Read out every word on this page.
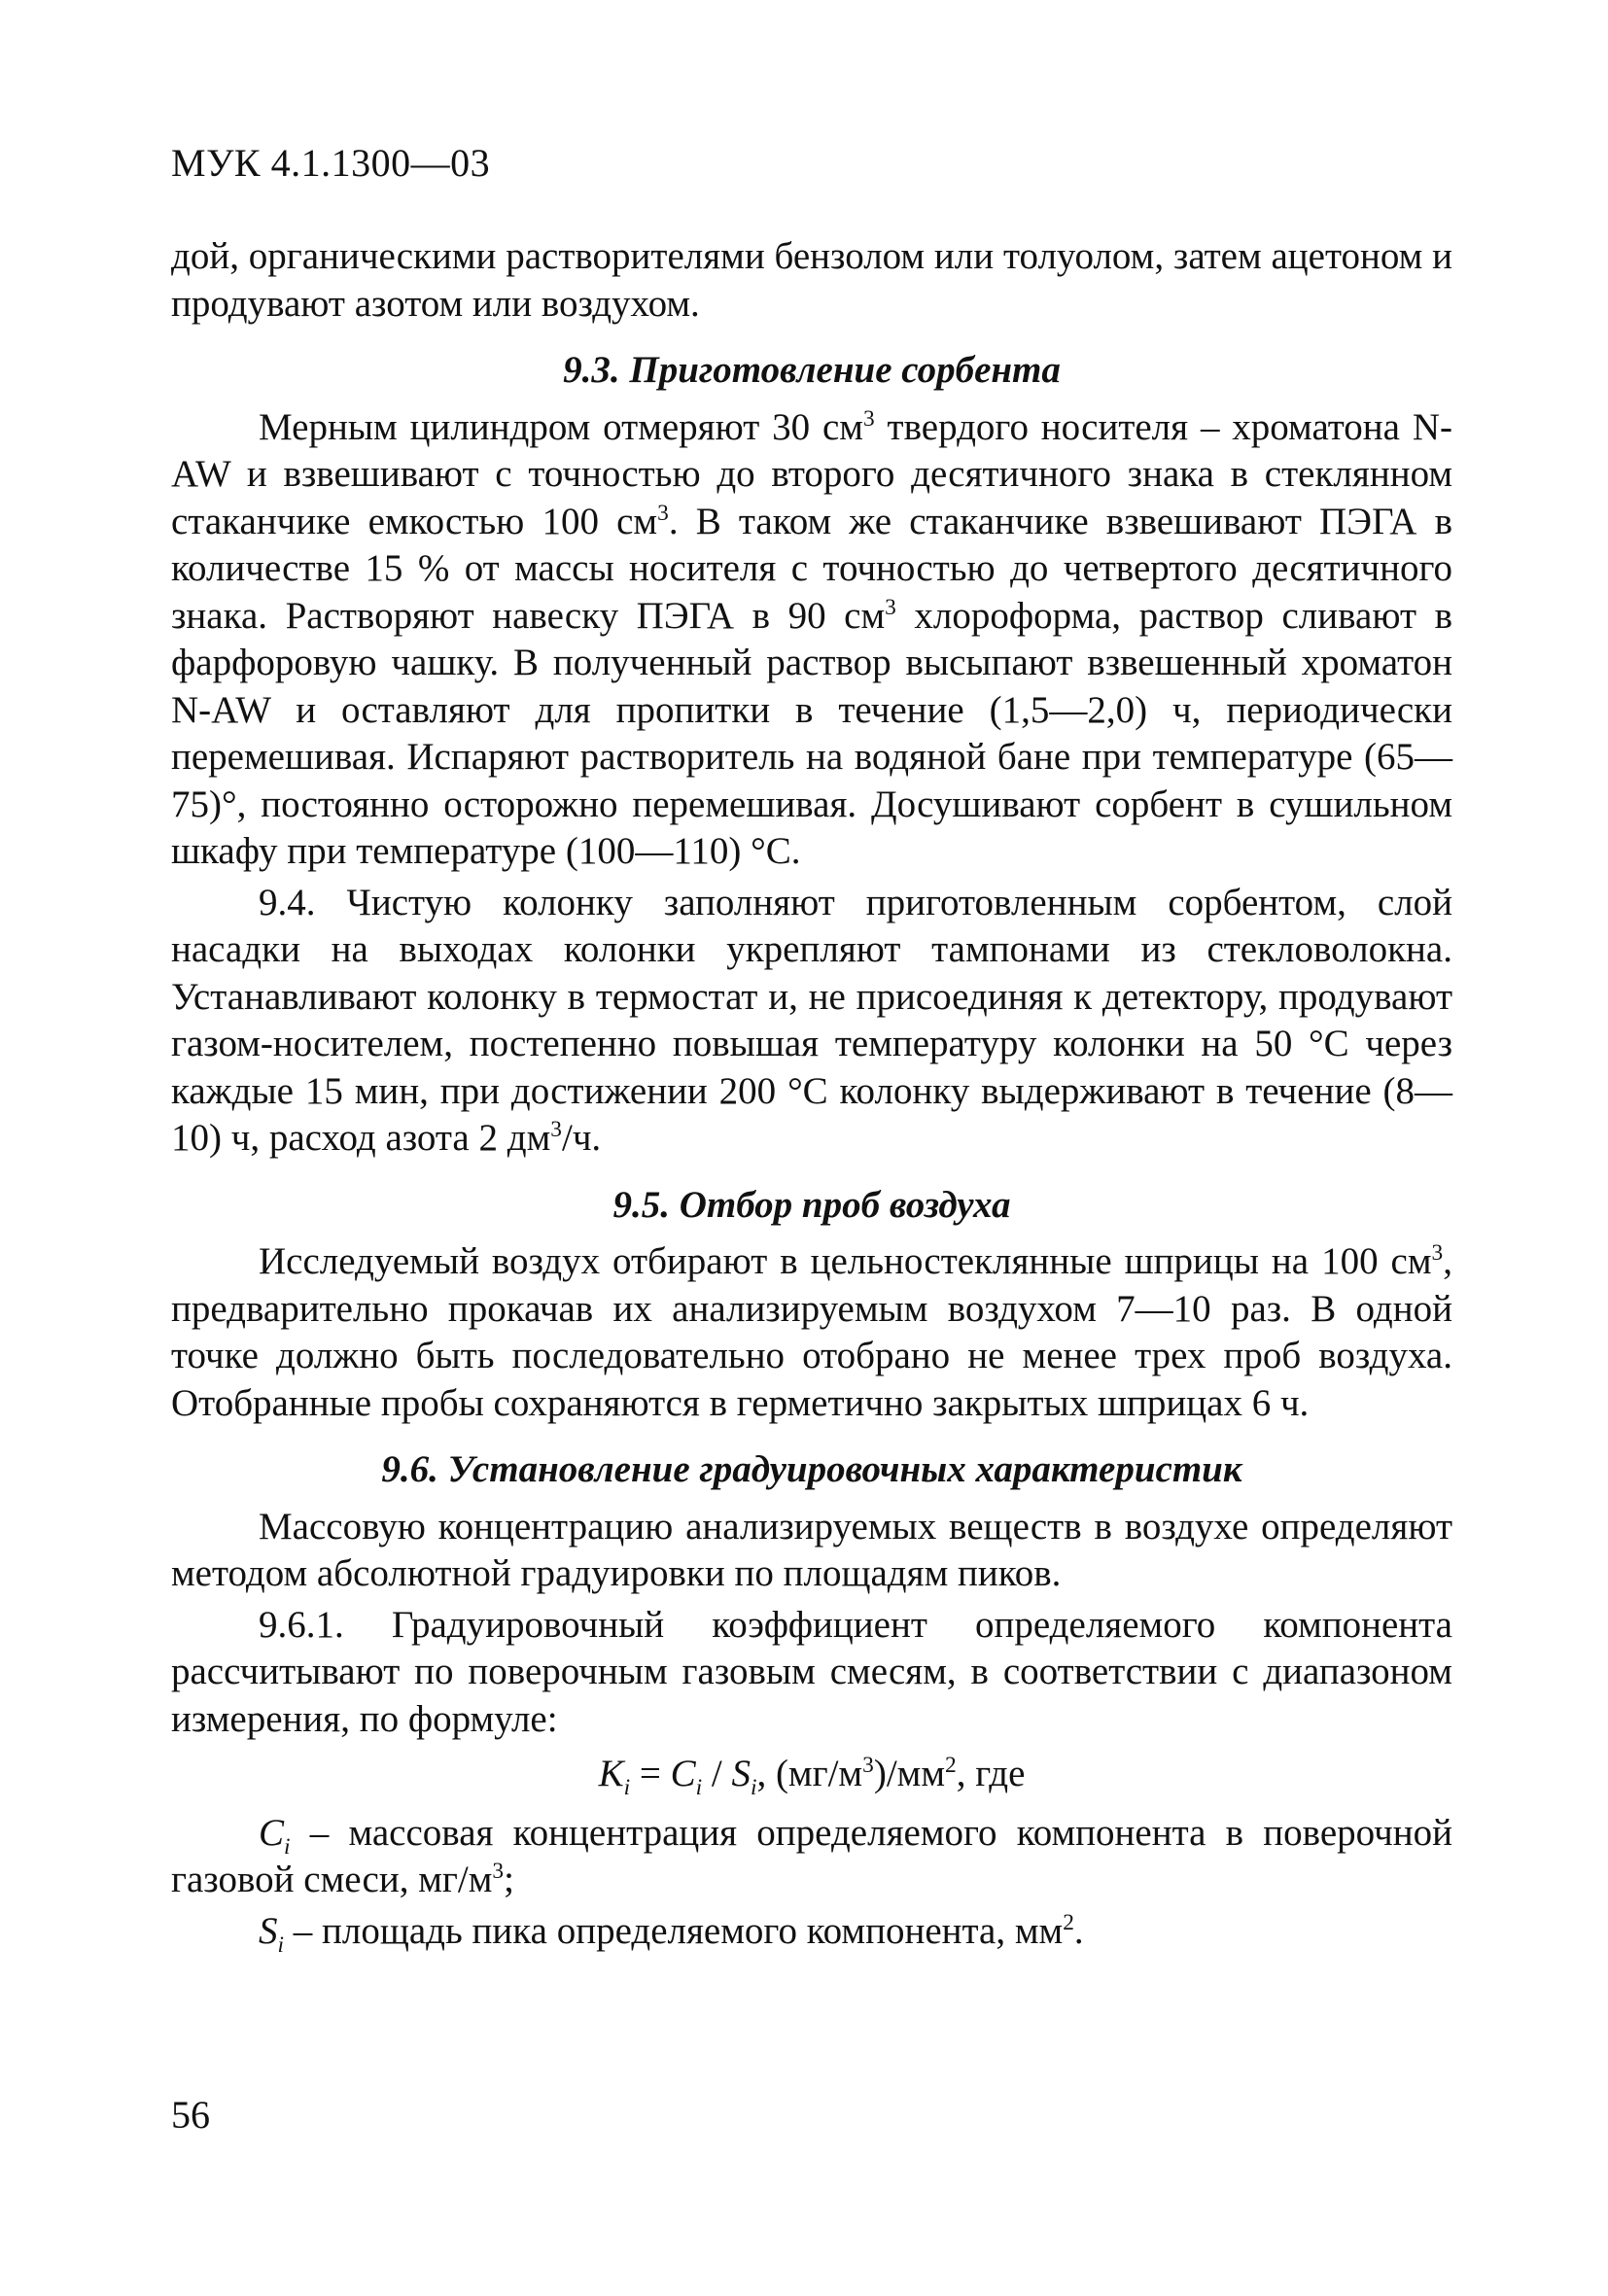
МУК 4.1.1300—03

дой, органическими растворителями бензолом или толуолом, затем ацетоном и продувают азотом или воздухом.

9.3. Приготовление сорбента

Мерным цилиндром отмеряют 30 $см^3$ твердого носителя – хроматона N-AW и взвешивают с точностью до второго десятичного знака в стеклянном стаканчике емкостью 100 $см^3$. В таком же стаканчике взвешивают ПЭГА в количестве 15 % от массы носителя с точностью до четвертого десятичного знака. Растворяют навеску ПЭГА в 90 $см^3$ хлороформа, раствор сливают в фарфоровую чашку. В полученный раствор высыпают взвешенный хроматон N-AW и оставляют для пропитки в течение (1,5—2,0) ч, периодически перемешивая. Испаряют растворитель на водяной бане при температуре (65—75)°, постоянно осторожно перемешивая. Досушивают сорбент в сушильном шкафу при температуре (100—110) °С.

9.4. Чистую колонку заполняют приготовленным сорбентом, слой насадки на выходах колонки укрепляют тампонами из стекловолокна. Устанавливают колонку в термостат и, не присоединяя к детектору, продувают газом-носителем, постепенно повышая температуру колонки на 50 °С через каждые 15 мин, при достижении 200 °С колонку выдерживают в течение (8—10) ч, расход азота 2 $дм^3/ч$.

9.5. Отбор проб воздуха

Исследуемый воздух отбирают в цельностеклянные шприцы на 100 $см^3$, предварительно прокачав их анализируемым воздухом 7—10 раз. В одной точке должно быть последовательно отобрано не менее трех проб воздуха. Отобранные пробы сохраняются в герметично закрытых шприцах 6 ч.

9.6. Установление градуировочных характеристик

Массовую концентрацию анализируемых веществ в воздухе определяют методом абсолютной градуировки по площадям пиков.

9.6.1. Градуировочный коэффициент определяемого компонента рассчитывают по поверочным газовым смесям, в соответствии с диапазоном измерения, по формуле:

$K_i = C_i / S_i$, $(мг/м^3)/мм^2$, где

$C_i$ – массовая концентрация определяемого компонента в поверочной газовой смеси, $мг/м^3$;

$S_i$ – площадь пика определяемого компонента, $мм^2$.

56
